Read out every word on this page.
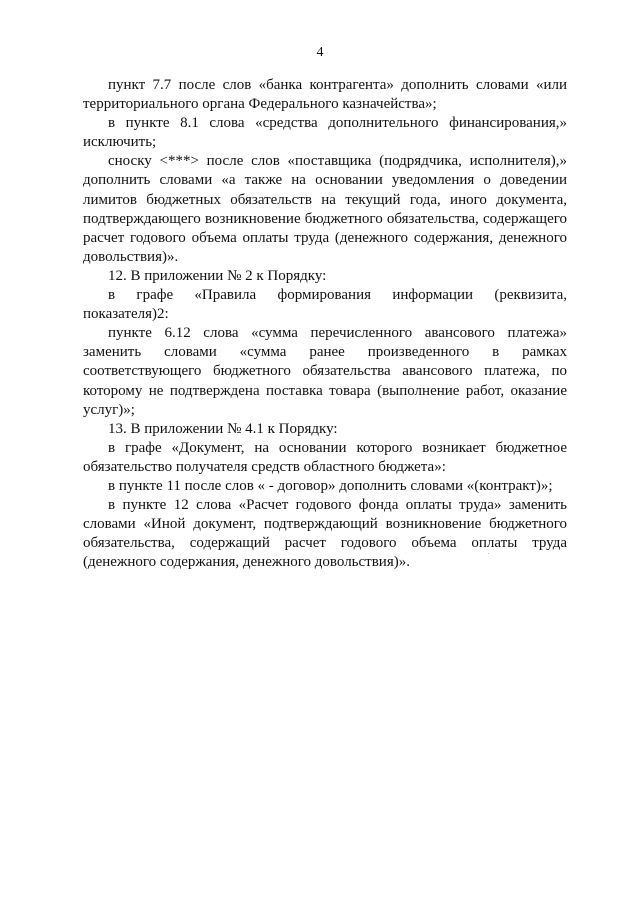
4

пункт 7.7 после слов «банка контрагента» дополнить словами «или территориального органа Федерального казначейства»;

в пункте 8.1 слова «средства дополнительного финансирования,» исключить;

сноску <***> после слов «поставщика (подрядчика, исполнителя),» дополнить словами «а также на основании уведомления о доведении лимитов бюджетных обязательств на текущий года, иного документа, подтверждающего возникновение бюджетного обязательства, содержащего расчет годового объема оплаты труда (денежного содержания, денежного довольствия)».

12. В приложении № 2 к Порядку:

в графе «Правила формирования информации (реквизита, показателя)2:

пункте 6.12 слова «сумма перечисленного авансового платежа» заменить словами «сумма ранее произведенного в рамках соответствующего бюджетного обязательства авансового платежа, по которому не подтверждена поставка товара (выполнение работ, оказание услуг)»;

13. В приложении № 4.1 к Порядку:

в графе «Документ, на основании которого возникает бюджетное обязательство получателя средств областного бюджета»:

в пункте 11 после слов « - договор» дополнить словами «(контракт)»;

в пункте 12 слова «Расчет годового фонда оплаты труда» заменить словами «Иной документ, подтверждающий возникновение бюджетного обязательства, содержащий расчет годового объема оплаты труда (денежного содержания, денежного довольствия)».
